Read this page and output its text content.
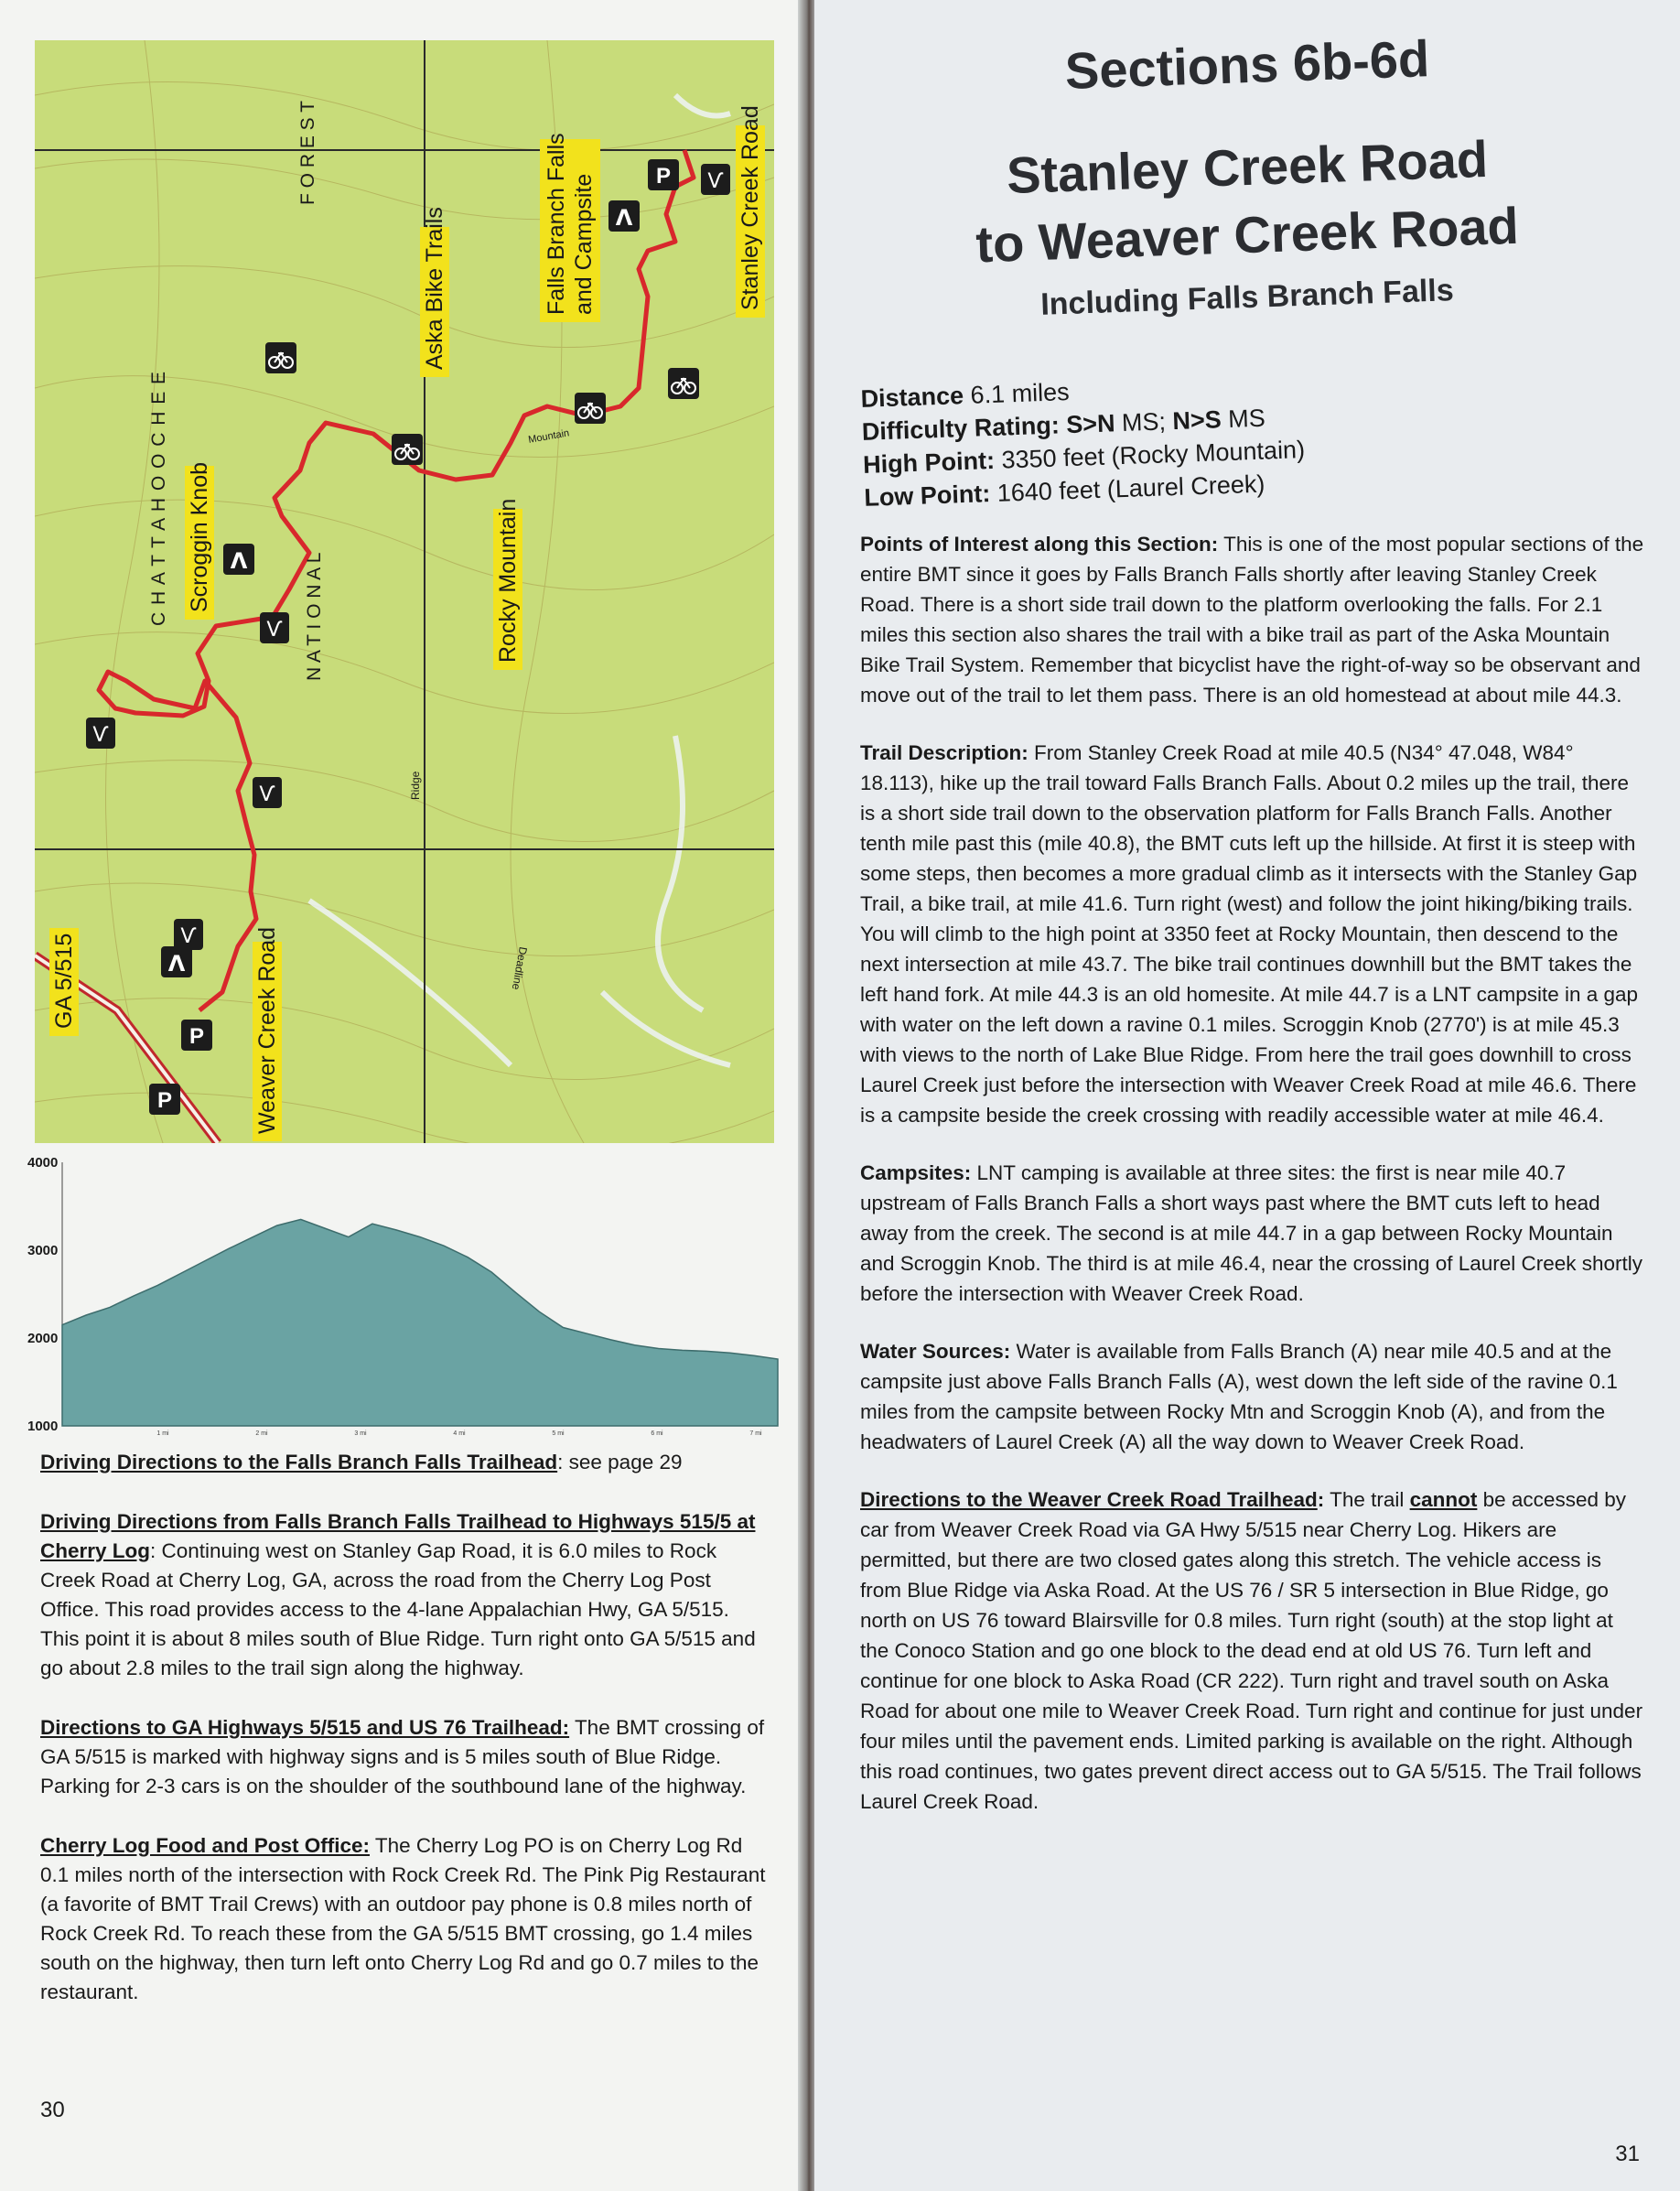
C H A T T A H O O C H E E
F O R E S T
N A T I O N A L
Aska Bike Trails	Falls Branch Falls and Campsite	Stanley Creek Road
Scroggin Knob	Rocky Mountain
Weaver Creek Road
GA 5/515
Ridge
Deadline
Mountain
P
P
P
Λ
Λ
Λ
Ѵ
Ѵ
Ѵ
Ѵ
Ѵ
4000
3000
2000
1000	1 mi	2 mi	3 mi	4 mi	5 mi	6 mi	7 mi

Driving Directions to the Falls Branch Falls Trailhead: see page 29

Driving Directions from Falls Branch Falls Trailhead to Highways 515/5 at Cherry Log: Continuing west on Stanley Gap Road, it is 6.0 miles to Rock Creek Road at Cherry Log, GA, across the road from the Cherry Log Post Office. This road provides access to the 4-lane Appalachian Hwy, GA 5/515. This point it is about 8 miles south of Blue Ridge. Turn right onto GA 5/515 and go about 2.8 miles to the trail sign along the highway.

Directions to GA Highways 5/515 and US 76 Trailhead: The BMT crossing of GA 5/515 is marked with highway signs and is 5 miles south of Blue Ridge. Parking for 2-3 cars is on the shoulder of the southbound lane of the highway.

Cherry Log Food and Post Office: The Cherry Log PO is on Cherry Log Rd 0.1 miles north of the intersection with Rock Creek Rd. The Pink Pig Restaurant (a favorite of BMT Trail Crews) with an outdoor pay phone is 0.8 miles north of Rock Creek Rd. To reach these from the GA 5/515 BMT crossing, go 1.4 miles south on the highway, then turn left onto Cherry Log Rd and go 0.7 miles to the restaurant.

30
Sections 6b-6d
Stanley Creek Road
to Weaver Creek Road
Including Falls Branch Falls
Distance 6.1 miles
Difficulty Rating: S>N MS; N>S MS
High Point: 3350 feet (Rocky Mountain)
Low Point: 1640 feet (Laurel Creek)

Points of Interest along this Section: This is one of the most popular sections of the entire BMT since it goes by Falls Branch Falls shortly after leaving Stanley Creek Road. There is a short side trail down to the platform overlooking the falls. For 2.1 miles this section also shares the trail with a bike trail as part of the Aska Mountain Bike Trail System. Remember that bicyclist have the right-of-way so be observant and move out of the trail to let them pass. There is an old homestead at about mile 44.3.

Trail Description: From Stanley Creek Road at mile 40.5 (N34° 47.048, W84° 18.113), hike up the trail toward Falls Branch Falls. About 0.2 miles up the trail, there is a short side trail down to the observation platform for Falls Branch Falls. Another tenth mile past this (mile 40.8), the BMT cuts left up the hillside. At first it is steep with some steps, then becomes a more gradual climb as it intersects with the Stanley Gap Trail, a bike trail, at mile 41.6. Turn right (west) and follow the joint hiking/biking trails. You will climb to the high point at 3350 feet at Rocky Mountain, then descend to the next intersection at mile 43.7. The bike trail continues downhill but the BMT takes the left hand fork. At mile 44.3 is an old homesite. At mile 44.7 is a LNT campsite in a gap with water on the left down a ravine 0.1 miles. Scroggin Knob (2770') is at mile 45.3 with views to the north of Lake Blue Ridge. From here the trail goes downhill to cross Laurel Creek just before the intersection with Weaver Creek Road at mile 46.6. There is a campsite beside the creek crossing with readily accessible water at mile 46.4.

Campsites: LNT camping is available at three sites: the first is near mile 40.7 upstream of Falls Branch Falls a short ways past where the BMT cuts left to head away from the creek. The second is at mile 44.7 in a gap between Rocky Mountain and Scroggin Knob. The third is at mile 46.4, near the crossing of Laurel Creek shortly before the intersection with Weaver Creek Road.

Water Sources: Water is available from Falls Branch (A) near mile 40.5 and at the campsite just above Falls Branch Falls (A), west down the left side of the ravine 0.1 miles from the campsite between Rocky Mtn and Scroggin Knob (A), and from the headwaters of Laurel Creek (A) all the way down to Weaver Creek Road.

Directions to the Weaver Creek Road Trailhead: The trail cannot be accessed by car from Weaver Creek Road via GA Hwy 5/515 near Cherry Log. Hikers are permitted, but there are two closed gates along this stretch. The vehicle access is from Blue Ridge via Aska Road. At the US 76 / SR 5 intersection in Blue Ridge, go north on US 76 toward Blairsville for 0.8 miles. Turn right (south) at the stop light at the Conoco Station and go one block to the dead end at old US 76. Turn left and continue for one block to Aska Road (CR 222). Turn right and travel south on Aska Road for about one mile to Weaver Creek Road. Turn right and continue for just under four miles until the pavement ends. Limited parking is available on the right. Although this road continues, two gates prevent direct access out to GA 5/515. The Trail follows Laurel Creek Road.

31
